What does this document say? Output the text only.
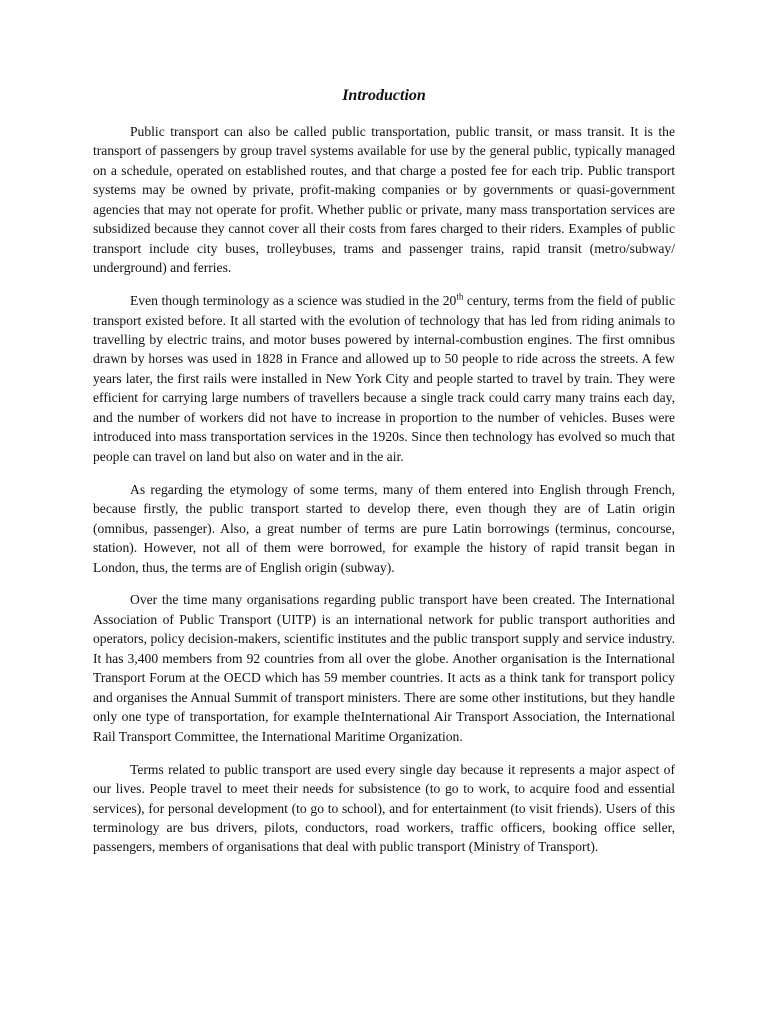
Introduction

Public transport can also be called public transportation, public transit, or mass transit. It is the transport of passengers by group travel systems available for use by the general public, typically managed on a schedule, operated on established routes, and that charge a posted fee for each trip. Public transport systems may be owned by private, profit-making companies or by governments or quasi-government agencies that may not operate for profit. Whether public or private, many mass transportation services are subsidized because they cannot cover all their costs from fares charged to their riders. Examples of public transport include city buses, trolleybuses, trams and passenger trains, rapid transit (metro/subway/ underground) and ferries.

Even though terminology as a science was studied in the 20th century, terms from the field of public transport existed before. It all started with the evolution of technology that has led from riding animals to travelling by electric trains, and motor buses powered by internal-combustion engines. The first omnibus drawn by horses was used in 1828 in France and allowed up to 50 people to ride across the streets. A few years later, the first rails were installed in New York City and people started to travel by train. They were efficient for carrying large numbers of travellers because a single track could carry many trains each day, and the number of workers did not have to increase in proportion to the number of vehicles. Buses were introduced into mass transportation services in the 1920s. Since then technology has evolved so much that people can travel on land but also on water and in the air.

As regarding the etymology of some terms, many of them entered into English through French, because firstly, the public transport started to develop there, even though they are of Latin origin (omnibus, passenger). Also, a great number of terms are pure Latin borrowings (terminus, concourse, station). However, not all of them were borrowed, for example the history of rapid transit began in London, thus, the terms are of English origin (subway).

Over the time many organisations regarding public transport have been created. The International Association of Public Transport (UITP) is an international network for public transport authorities and operators, policy decision-makers, scientific institutes and the public transport supply and service industry. It has 3,400 members from 92 countries from all over the globe. Another organisation is the International Transport Forum at the OECD which has 59 member countries. It acts as a think tank for transport policy and organises the Annual Summit of transport ministers. There are some other institutions, but they handle only one type of transportation, for example theInternational Air Transport Association, the International Rail Transport Committee, the International Maritime Organization.

Terms related to public transport are used every single day because it represents a major aspect of our lives. People travel to meet their needs for subsistence (to go to work, to acquire food and essential services), for personal development (to go to school), and for entertainment (to visit friends). Users of this terminology are bus drivers, pilots, conductors, road workers, traffic officers, booking office seller, passengers, members of organisations that deal with public transport (Ministry of Transport).
